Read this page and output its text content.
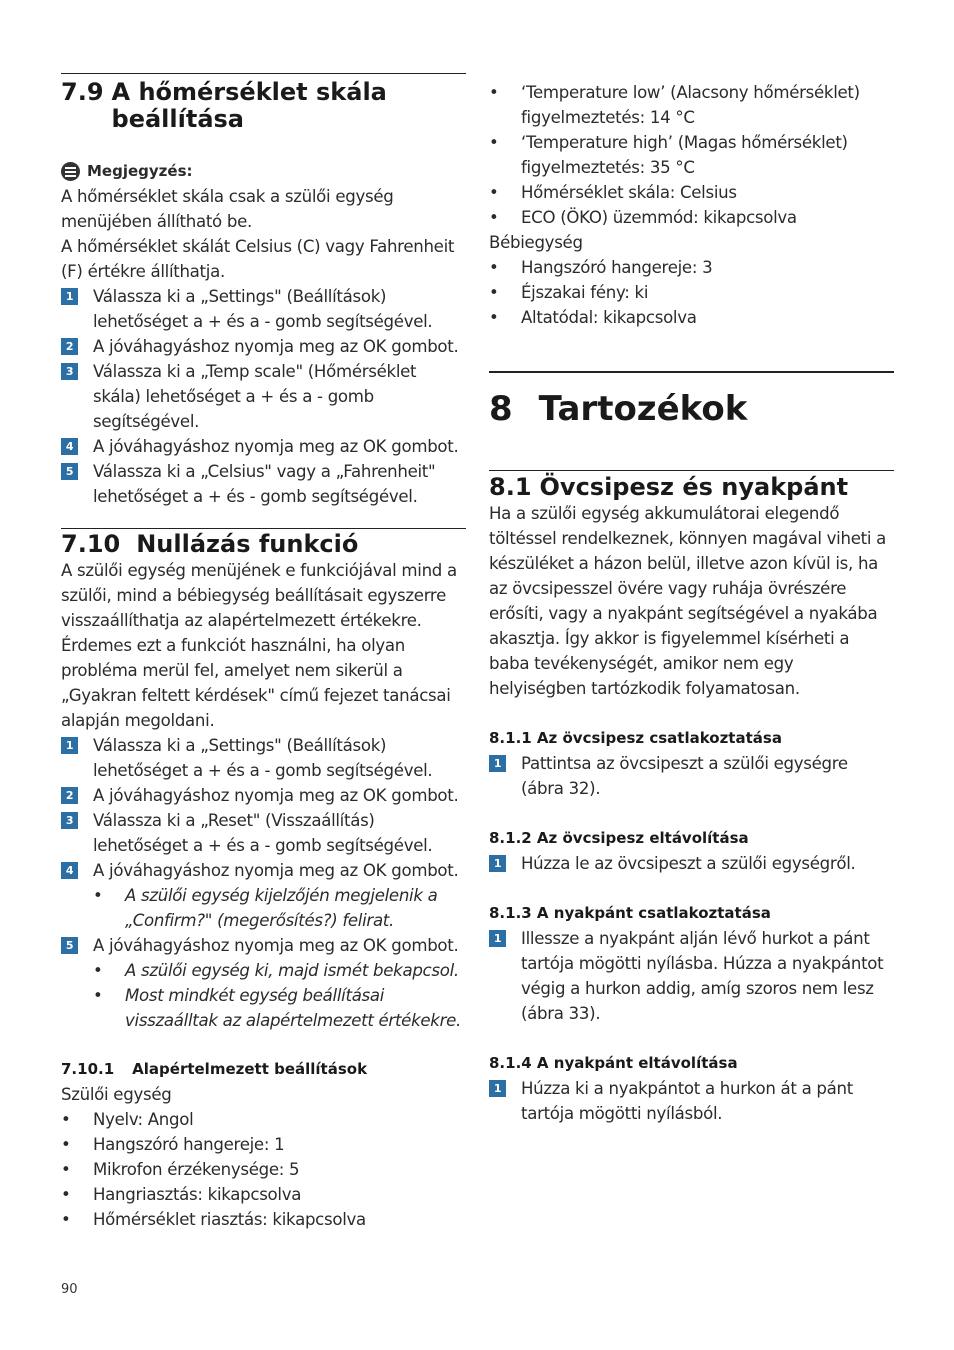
7.9 A hőmérséklet skála beállítása
Megjegyzés:
A hőmérséklet skála csak a szülői egység menüjében állítható be.
A hőmérséklet skálát Celsius (C) vagy Fahrenheit (F) értékre állíthatja.
1 Válassza ki a „Settings" (Beállítások) lehetőséget a + és a - gomb segítségével.
2 A jóváhagyáshoz nyomja meg az OK gombot.
3 Válassza ki a „Temp scale" (Hőmérséklet skála) lehetőséget a + és a - gomb segítségével.
4 A jóváhagyáshoz nyomja meg az OK gombot.
5 Válassza ki a „Celsius" vagy a „Fahrenheit" lehetőséget a + és - gomb segítségével.
7.10 Nullázás funkció
A szülői egység menüjének e funkciójával mind a szülői, mind a bébiegység beállításait egyszerre visszaállíthatja az alapértelmezett értékekre. Érdemes ezt a funkciót használni, ha olyan probléma merül fel, amelyet nem sikerül a „Gyakran feltett kérdések" című fejezet tanácsai alapján megoldani.
1 Válassza ki a „Settings" (Beállítások) lehetőséget a + és a - gomb segítségével.
2 A jóváhagyáshoz nyomja meg az OK gombot.
3 Válassza ki a „Reset" (Visszaállítás) lehetőséget a + és a - gomb segítségével.
4 A jóváhagyáshoz nyomja meg az OK gombot.
•	A szülői egység kijelzőjén megjelenik a „Confirm?" (megerősítés?) felirat.
5 A jóváhagyáshoz nyomja meg az OK gombot.
•	A szülői egység ki, majd ismét bekapcsol.
•	Most mindkét egység beállításai visszaálltak az alapértelmezett értékekre.
7.10.1 Alapértelmezett beállítások
Szülői egység
•	Nyelv: Angol
•	Hangszóró hangereje: 1
•	Mikrofon érzékenysége: 5
•	Hangriasztás: kikapcsolva
•	Hőmérséklet riasztás: kikapcsolva
•	‘Temperature low’ (Alacsony hőmérséklet) figyelmeztetés: 14 °C
•	‘Temperature high’ (Magas hőmérséklet) figyelmeztetés: 35 °C
•	Hőmérséklet skála: Celsius
•	ECO (ÖKO) üzemmód: kikapcsolva
Bébiegység
•	Hangszóró hangereje: 3
•	Éjszakai fény: ki
•	Altatódal: kikapcsolva
8 Tartozékok
8.1 Övcsipesz és nyakpánt
Ha a szülői egység akkumulátorai elegendő töltéssel rendelkeznek, könnyen magával viheti a készüléket a házon belül, illetve azon kívül is, ha az övcsipesszel övére vagy ruhája övrészére erősíti, vagy a nyakpánt segítségével a nyakába akasztja. Így akkor is figyelemmel kísérheti a baba tevékenységét, amikor nem egy helyiségben tartózkodik folyamatosan.
8.1.1 Az övcsipesz csatlakoztatása
1 Pattintsa az övcsipeszt a szülői egységre (ábra 32).
8.1.2 Az övcsipesz eltávolítása
1 Húzza le az övcsipeszt a szülői egységről.
8.1.3 A nyakpánt csatlakoztatása
1 Illessze a nyakpánt alján lévő hurkot a pánt tartója mögötti nyílásba. Húzza a nyakpántot végig a hurkon addig, amíg szoros nem lesz (ábra 33).
8.1.4 A nyakpánt eltávolítása
1 Húzza ki a nyakpántot a hurkon át a pánt tartója mögötti nyílásból.
90
